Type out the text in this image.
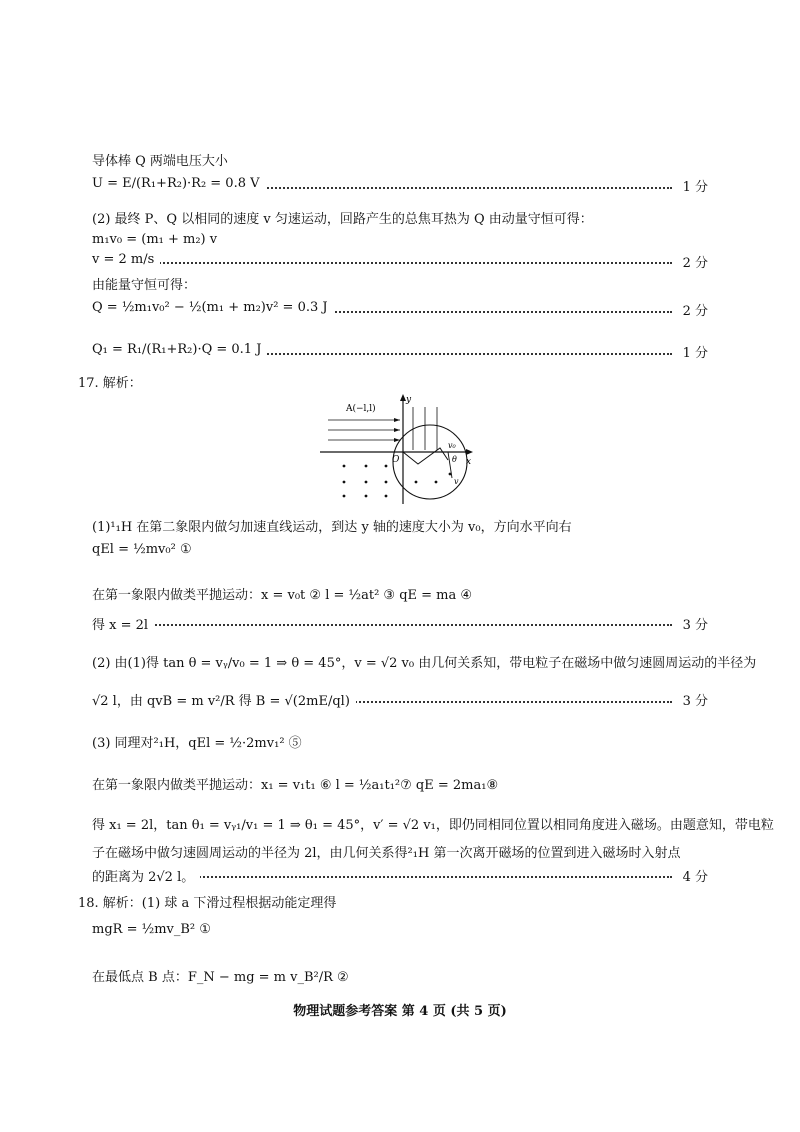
导体棒 Q 两端电压大小
U = E/(R₁+R₂)·R₂ = 0.8 V	1 分
(2) 最终 P、Q 以相同的速度 v 匀速运动，回路产生的总焦耳热为 Q 由动量守恒可得：
m₁v₀ = (m₁ + m₂) v
v = 2 m/s	2 分
由能量守恒可得：
Q = ½m₁v₀² − ½(m₁ + m₂)v² = 0.3 J	2 分
Q₁ = R₁/(R₁+R₂)·Q = 0.1 J	1 分
17. 解析：
A(−l,l)
y
x
O
v₀
θ
v
(1)¹₁H 在第二象限内做匀加速直线运动，到达 y 轴的速度大小为 v₀，方向水平向右
qEl = ½mv₀² ①
在第一象限内做类平抛运动：x = v₀t ② l = ½at² ③ qE = ma ④
得 x = 2l	3 分
(2) 由(1)得 tan θ = vᵧ/v₀ = 1 ⇒ θ = 45°，v = √2 v₀ 由几何关系知，带电粒子在磁场中做匀速圆周运动的半径为
√2 l，由 qvB = m v²/R 得 B = √(2mE/ql)	3 分
(3) 同理对²₁H，qEl = ½·2mv₁² ⑤
在第一象限内做类平抛运动：x₁ = v₁t₁ ⑥ l = ½a₁t₁²⑦ qE = 2ma₁⑧
得 x₁ = 2l，tan θ₁ = vᵧ₁/v₁ = 1 ⇒ θ₁ = 45°，v′ = √2 v₁，即仍同相同位置以相同角度进入磁场。由题意知，带电粒
子在磁场中做匀速圆周运动的半径为 2l，由几何关系得²₁H 第一次离开磁场的位置到进入磁场时入射点
的距离为 2√2 l。	4 分
18. 解析：(1) 球 a 下滑过程根据动能定理得
mgR = ½mv_B² ①
在最低点 B 点：F_N − mg = m v_B²/R ②
物理试题参考答案 第 4 页 (共 5 页)
